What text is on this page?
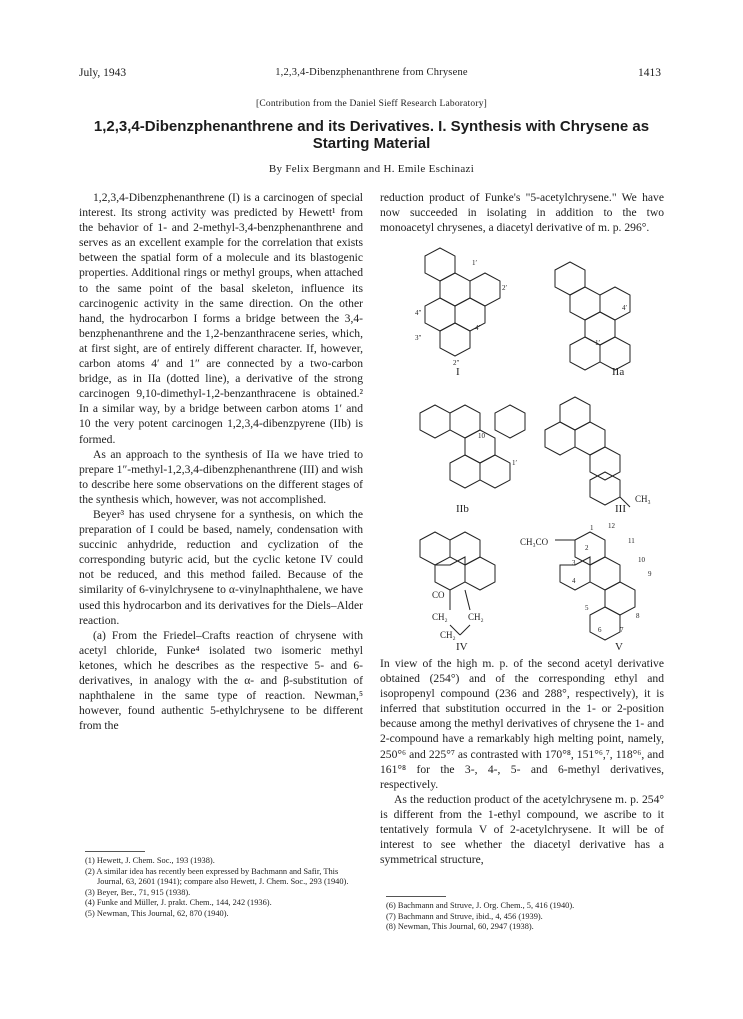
July, 1943	1,2,3,4-Dibenzphenanthrene from Chrysene	1413
[Contribution from the Daniel Sieff Research Laboratory]
1,2,3,4-Dibenzphenanthrene and its Derivatives. I. Synthesis with Chrysene as Starting Material
By Felix Bergmann and H. Emile Eschinazi

1,2,3,4-Dibenzphenanthrene (I) is a carcinogen of special interest. Its strong activity was predicted by Hewett¹ from the behavior of 1- and 2-methyl-3,4-benzphenanthrene and serves as an excellent example for the correlation that exists between the spatial form of a molecule and its blastogenic properties. Additional rings or methyl groups, when attached to the same point of the basal skeleton, influence its carcinogenic activity in the same direction. On the other hand, the hydrocarbon I forms a bridge between the 3,4-benzphenanthrene and the 1,2-benzanthracene series, which, at first sight, are of entirely different character. If, however, carbon atoms 4′ and 1″ are connected by a two-carbon bridge, as in IIa (dotted line), a derivative of the strong carcinogen 9,10-dimethyl-1,2-benzanthracene is obtained.² In a similar way, by a bridge between carbon atoms 1′ and 10 the very potent carcinogen 1,2,3,4-dibenzpyrene (IIb) is formed.

As an approach to the synthesis of IIa we have tried to prepare 1″-methyl-1,2,3,4-dibenzphenanthrene (III) and wish to describe here some observations on the different stages of the synthesis which, however, was not accomplished.

Beyer³ has used chrysene for a synthesis, on which the preparation of I could be based, namely, condensation with succinic anhydride, reduction and cyclization of the corresponding butyric acid, but the cyclic ketone IV could not be reduced, and this method failed. Because of the similarity of 6-vinylchrysene to α-vinylnaphthalene, we have used this hydrocarbon and its derivatives for the Diels–Alder reaction.

(a) From the Friedel–Crafts reaction of chrysene with acetyl chloride, Funke⁴ isolated two isomeric methyl ketones, which he describes as the respective 5- and 6-derivatives, in analogy with the α- and β-substitution of naphthalene in the same type of reaction. Newman,⁵ however, found authentic 5-ethylchrysene to be different from the

reduction product of Funke's "5-acetylchrysene." We have now succeeded in isolating in addition to the two monoacetyl chrysenes, a diacetyl derivative of m. p. 296°.

In view of the high m. p. of the second acetyl derivative obtained (254°) and of the corresponding ethyl and isopropenyl compound (236 and 288°, respectively), it is inferred that substitution occurred in the 1- or 2-position because among the methyl derivatives of chrysene the 1- and 2-compound have a remarkably high melting point, namely, 250°⁶ and 225°⁷ as contrasted with 170°⁸, 151°⁶,⁷, 118°⁶, and 161°⁸ for the 3-, 4-, 5- and 6-methyl derivatives, respectively.

As the reduction product of the acetylchrysene m. p. 254° is different from the 1-ethyl compound, we ascribe to it tentatively formula V of 2-acetylchrysene. It will be of interest to see whether the diacetyl derivative has a symmetrical structure,

I	IIa
IIb	III
IV	V
CH₃
CH₃CO
CO
CH₂ CH₂
CH₂
1′
2′
4″
3″
4′
2″
10
1′
1′
4′
1 12
11
10
9
8
7
6
5
4
3
2
(1) Hewett, J. Chem. Soc., 193 (1938).
(2) A similar idea has recently been expressed by Bachmann and Safir, This Journal, 63, 2601 (1941); compare also Hewett, J. Chem. Soc., 293 (1940).
(3) Beyer, Ber., 71, 915 (1938).
(4) Funke and Müller, J. prakt. Chem., 144, 242 (1936).
(5) Newman, This Journal, 62, 870 (1940).
(6) Bachmann and Struve, J. Org. Chem., 5, 416 (1940).
(7) Bachmann and Struve, ibid., 4, 456 (1939).
(8) Newman, This Journal, 60, 2947 (1938).
